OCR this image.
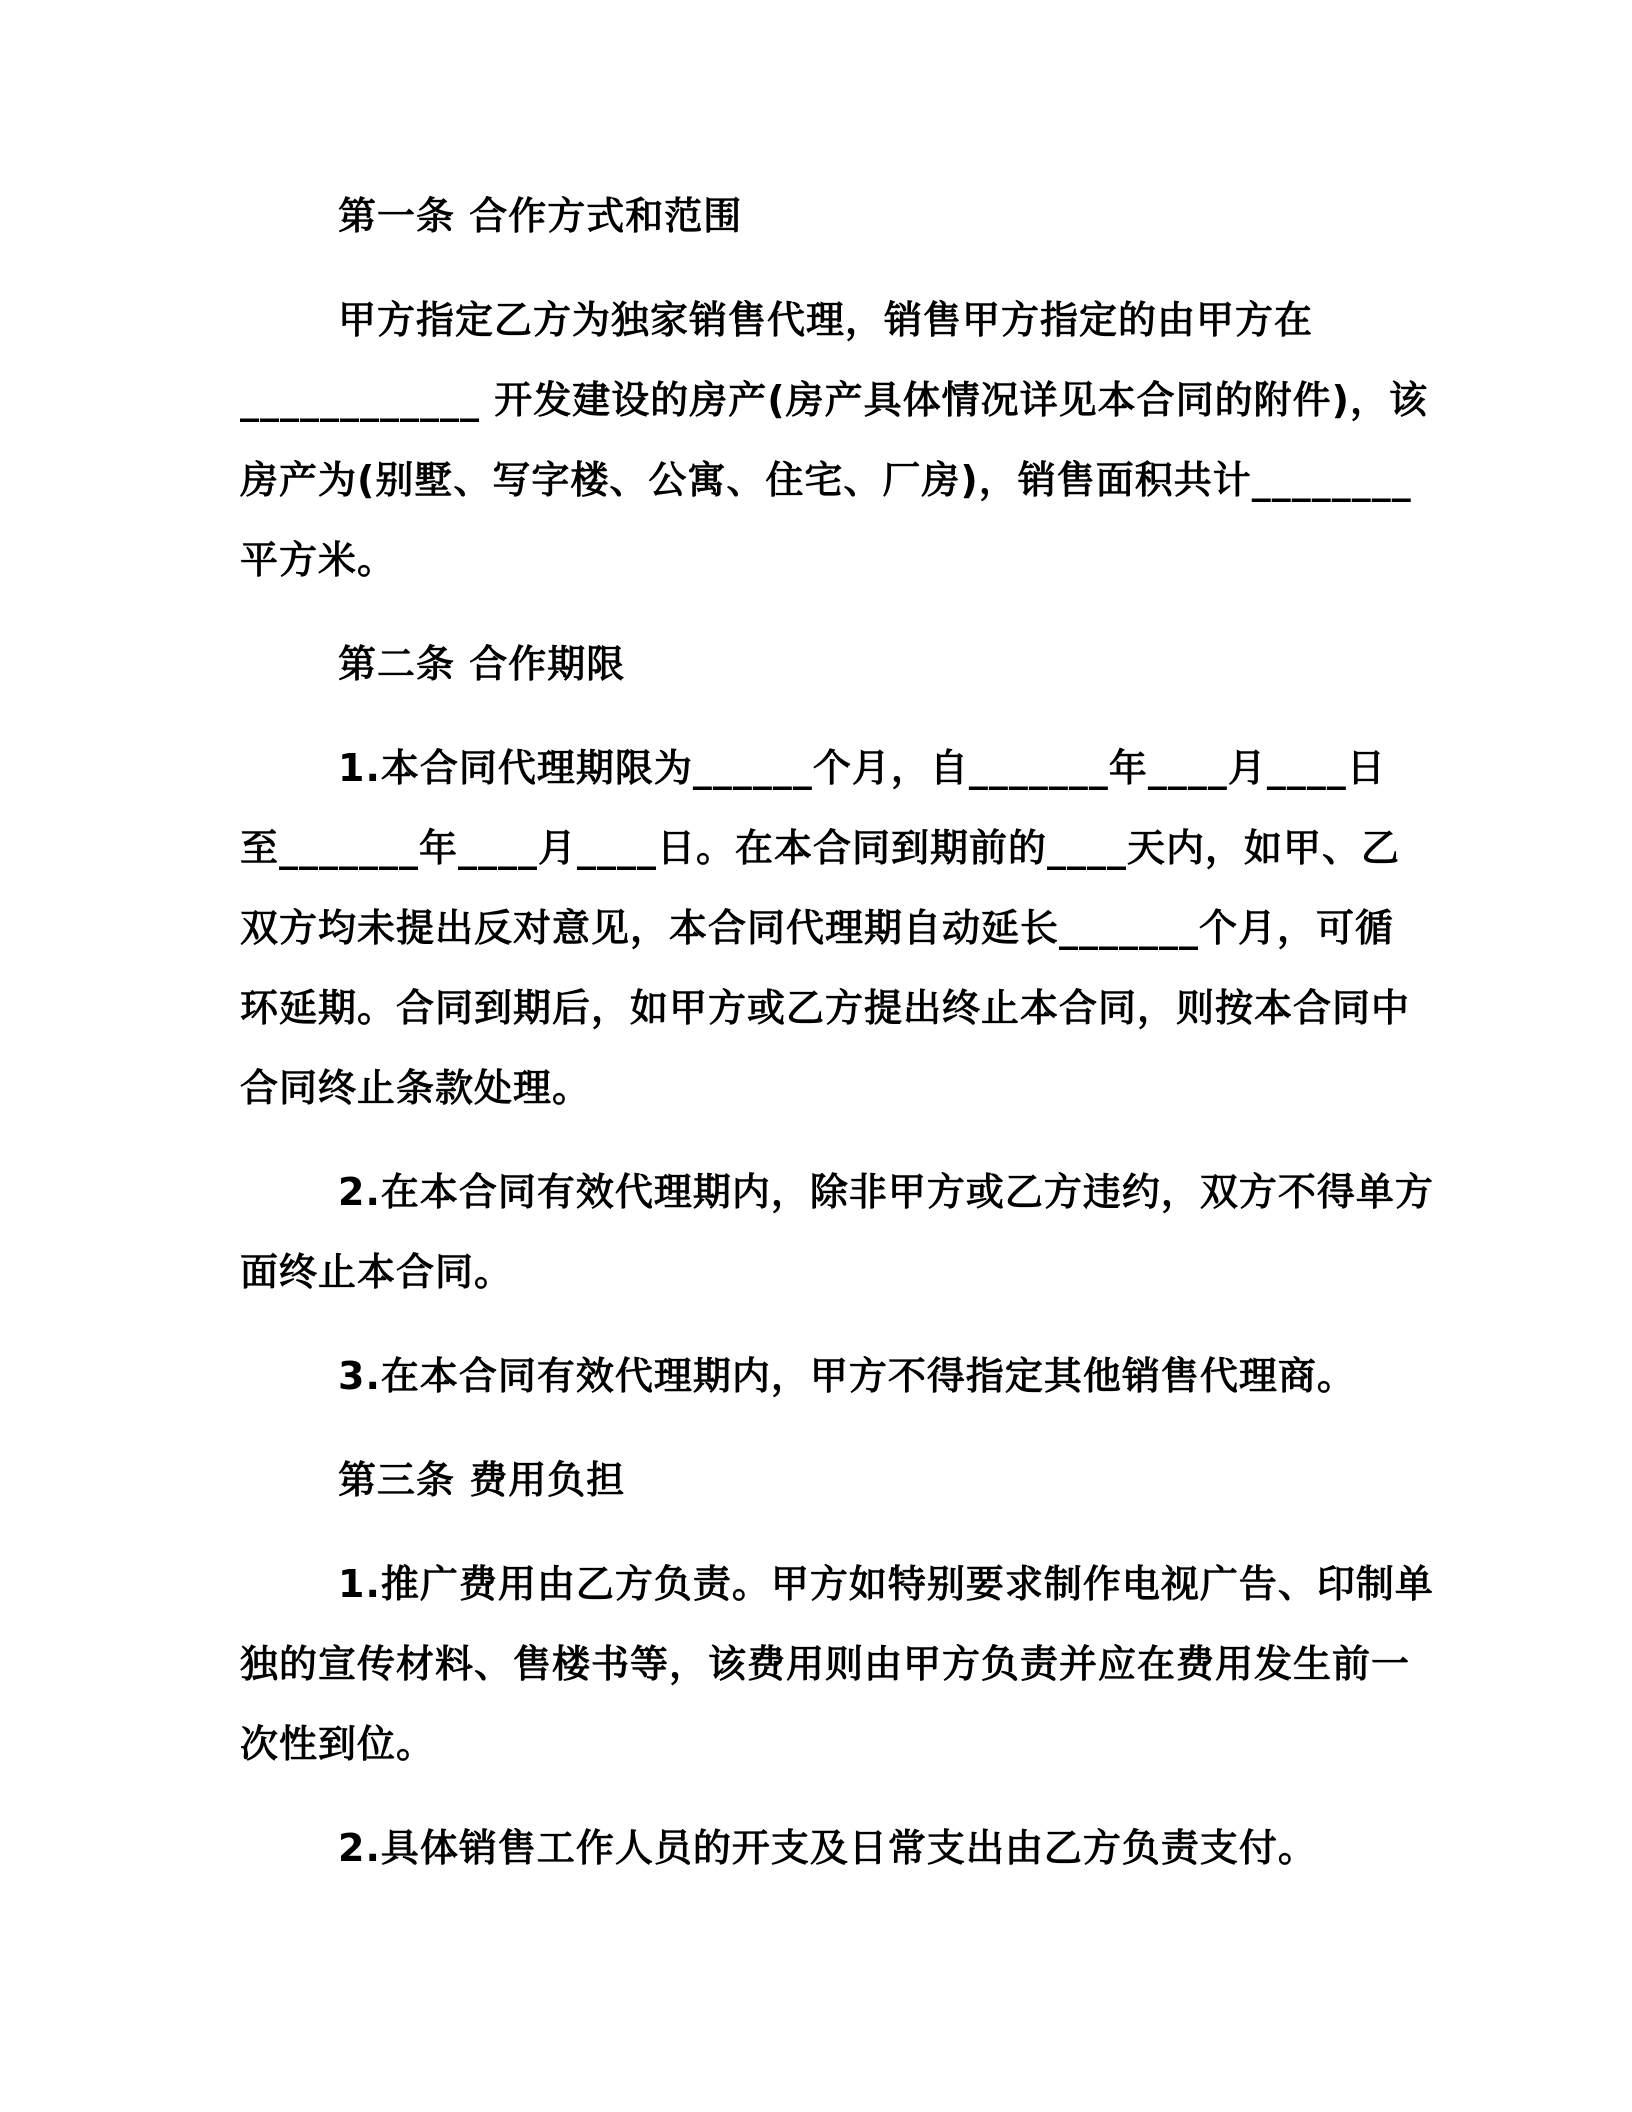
第一条 合作方式和范围
甲方指定乙方为独家销售代理，销售甲方指定的由甲方在
____________ 开发建设的房产(房产具体情况详见本合同的附件)，该
房产为(别墅、写字楼、公寓、住宅、厂房)，销售面积共计________
平方米。
第二条 合作期限
1.本合同代理期限为______个月，自_______年____月____日
至_______年____月____日。在本合同到期前的____天内，如甲、乙
双方均未提出反对意见，本合同代理期自动延长_______个月，可循
环延期。合同到期后，如甲方或乙方提出终止本合同，则按本合同中
合同终止条款处理。
2.在本合同有效代理期内，除非甲方或乙方违约，双方不得单方
面终止本合同。
3.在本合同有效代理期内，甲方不得指定其他销售代理商。
第三条 费用负担
1.推广费用由乙方负责。甲方如特别要求制作电视广告、印制单
独的宣传材料、售楼书等，该费用则由甲方负责并应在费用发生前一
次性到位。
2.具体销售工作人员的开支及日常支出由乙方负责支付。
